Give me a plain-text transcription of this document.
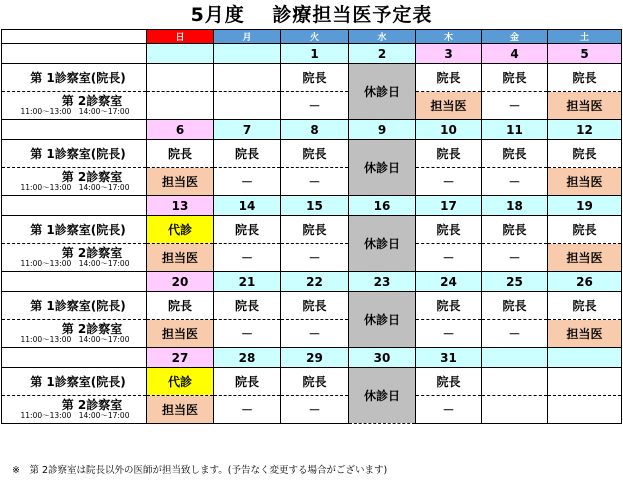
5月度　 診療担当医予定表
	日	月	火	水	木	金	土
			1	2	3	4	5

第 1診察室(院長)			院長	休診日	院長	院長	院長

第 2診察室
11:00～13:00　14:00～17:00			－		担当医	－	担当医
	6	7	8	9	10	11	12

第 1診察室(院長)	院長	院長	院長	休診日	院長	院長	院長

第 2診察室
11:00～13:00　14:00～17:00	担当医	－	－		－	－	担当医
	13	14	15	16	17	18	19

第 1診察室(院長)	代診	院長	院長	休診日	院長	院長	院長

第 2診察室
11:00～13:00　14:00～17:00	担当医	－	－		－	－	担当医
	20	21	22	23	24	25	26

第 1診察室(院長)	院長	院長	院長	休診日	院長	院長	院長

第 2診察室
11:00～13:00　14:00～17:00	担当医	－	－		－	－	担当医
	27	28	29	30	31		

第 1診察室(院長)	代診	院長	院長	休診日	院長		

第 2診察室
11:00～13:00　14:00～17:00	担当医	－	－		－		
※　第 2診察室は院長以外の医師が担当致します。(予告なく変更する場合がございます)
